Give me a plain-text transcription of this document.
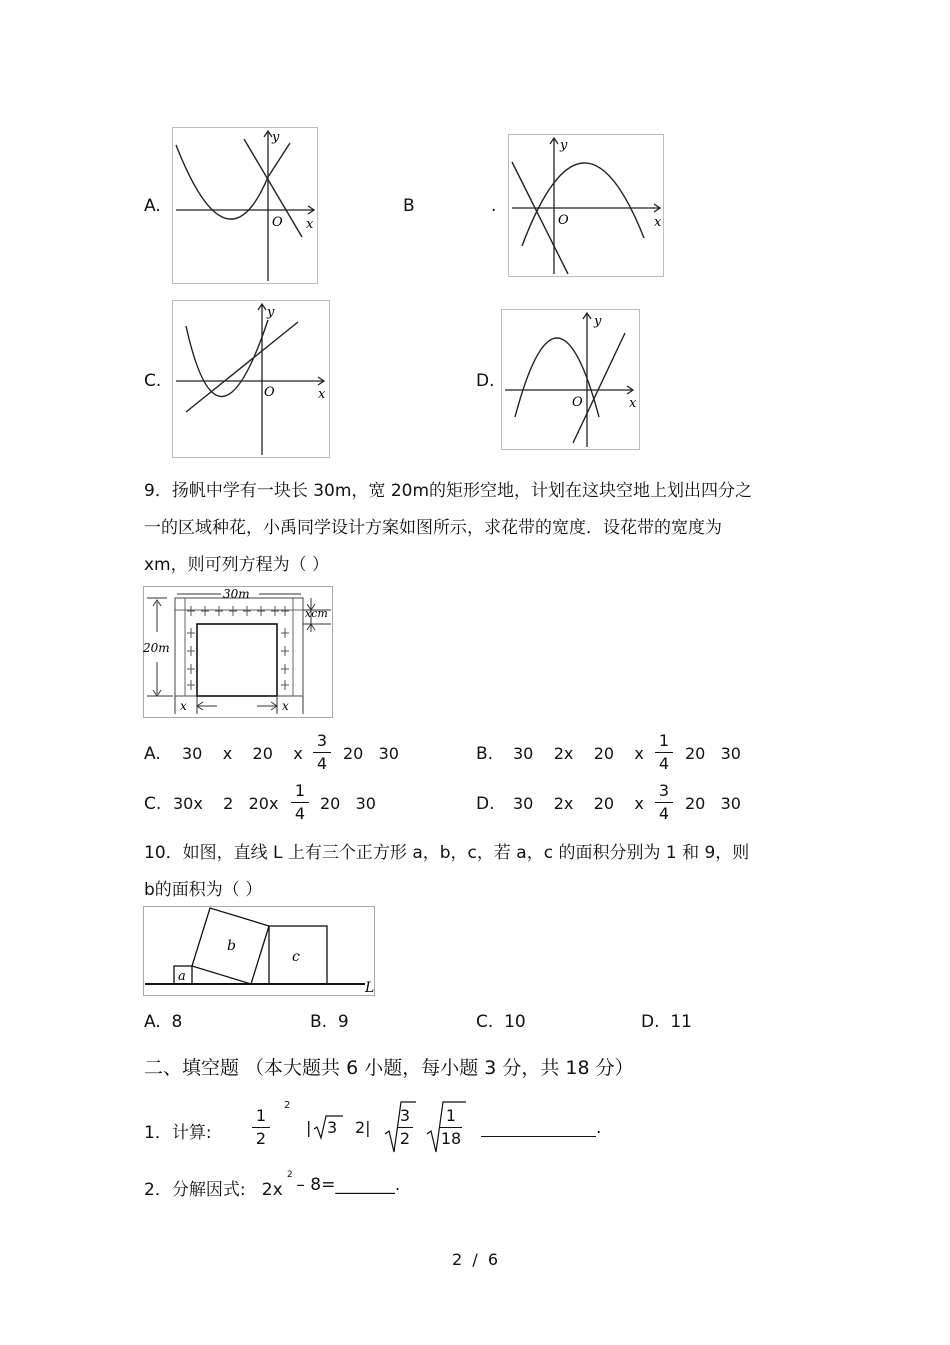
A.
y
x
O
B	.
y
x
O
C.
y
x
O
D.
y
x
O
9．扬帆中学有一块长 30m，宽 20m的矩形空地，计划在这块空地上划出四分之
一的区域种花，小禹同学设计方案如图所示，求花带的宽度．设花带的宽度为
xm，则可列方程为（ ）
30m
20m
xcm
x	x
A. 30    x    20    x
3
4
20   30	B. 30    2x    20    x
1
4
20   30
C. 30x    2   20x
1
4
20   30	D. 30    2x    20    x
3
4
20   30
10．如图，直线 L 上有三个正方形 a，b，c，若 a，c 的面积分别为 1 和 9，则
b的面积为（ ）
a
b
c
L
A. 8	B. 9	C. 10	D. 11
二、填空题 （本大题共 6 小题，每小题 3 分，共 18 分）
1．计算:
1
2
2
| 3 2|
3
2
1
18
.
2．分解因式:   2x
2
– 8=_______.
2  /  6
